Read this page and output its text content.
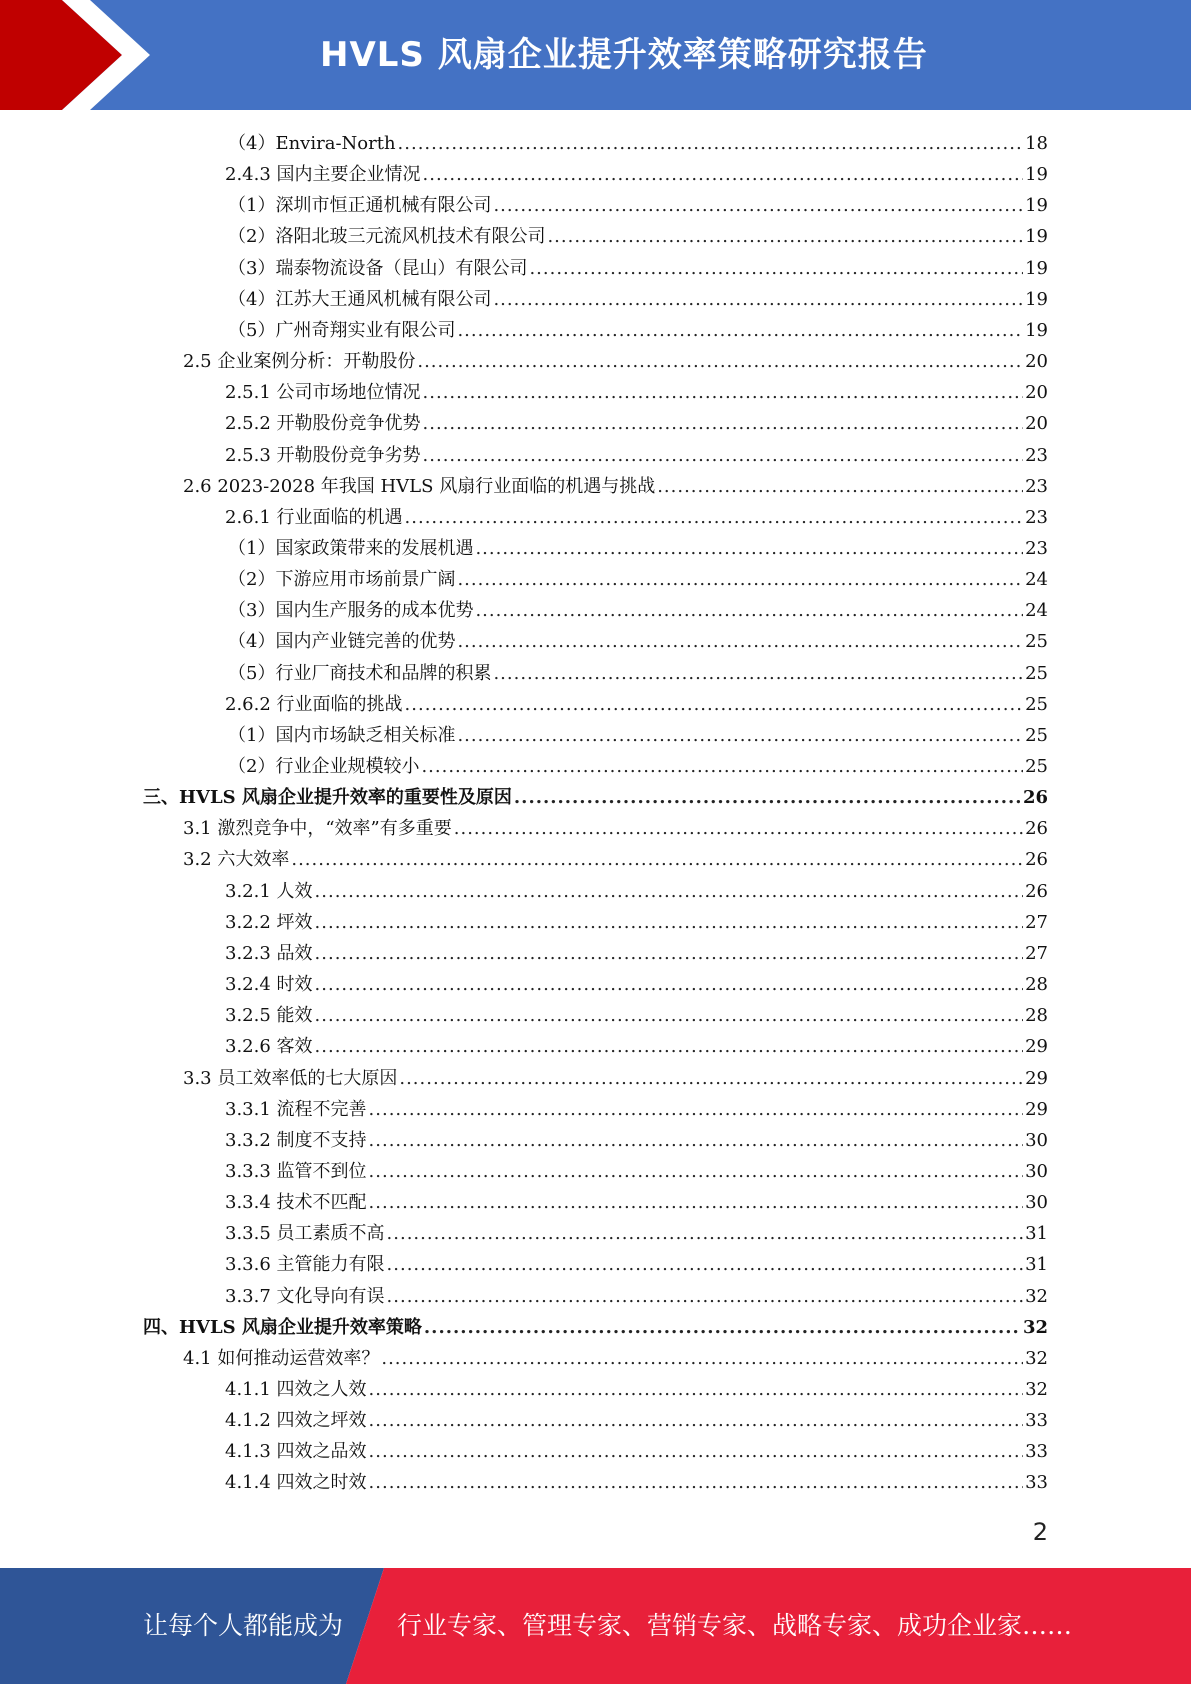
HVLS 风扇企业提升效率策略研究报告
（4）Envira-North .....	18
2.4.3 国内主要企业情况 .....	19
（1）深圳市恒正通机械有限公司 .....	19
（2）洛阳北玻三元流风机技术有限公司 .....	19
（3）瑞泰物流设备（昆山）有限公司 .....	19
（4）江苏大王通风机械有限公司 .....	19
（5）广州奇翔实业有限公司 .....	19
2.5 企业案例分析：开勒股份 .....	20
2.5.1 公司市场地位情况 .....	20
2.5.2 开勒股份竞争优势 .....	20
2.5.3 开勒股份竞争劣势 .....	23
2.6 2023-2028 年我国 HVLS 风扇行业面临的机遇与挑战 .....	23
2.6.1 行业面临的机遇 .....	23
（1）国家政策带来的发展机遇 .....	23
（2）下游应用市场前景广阔 .....	24
（3）国内生产服务的成本优势 .....	24
（4）国内产业链完善的优势 .....	25
（5）行业厂商技术和品牌的积累 .....	25
2.6.2 行业面临的挑战 .....	25
（1）国内市场缺乏相关标准 .....	25
（2）行业企业规模较小 .....	25
三、HVLS 风扇企业提升效率的重要性及原因 .....	26
3.1 激烈竞争中，“效率”有多重要 .....	26
3.2 六大效率 .....	26
3.2.1 人效 .....	26
3.2.2 坪效 .....	27
3.2.3 品效 .....	27
3.2.4 时效 .....	28
3.2.5 能效 .....	28
3.2.6 客效 .....	29
3.3 员工效率低的七大原因 .....	29
3.3.1 流程不完善 .....	29
3.3.2 制度不支持 .....	30
3.3.3 监管不到位 .....	30
3.3.4 技术不匹配 .....	30
3.3.5 员工素质不高 .....	31
3.3.6 主管能力有限 .....	31
3.3.7 文化导向有误 .....	32
四、HVLS 风扇企业提升效率策略 .....	32
4.1 如何推动运营效率？ .....	32
4.1.1 四效之人效 .....	32
4.1.2 四效之坪效 .....	33
4.1.3 四效之品效 .....	33
4.1.4 四效之时效 .....	33
2
让每个人都能成为 行业专家、管理专家、营销专家、战略专家、成功企业家……
